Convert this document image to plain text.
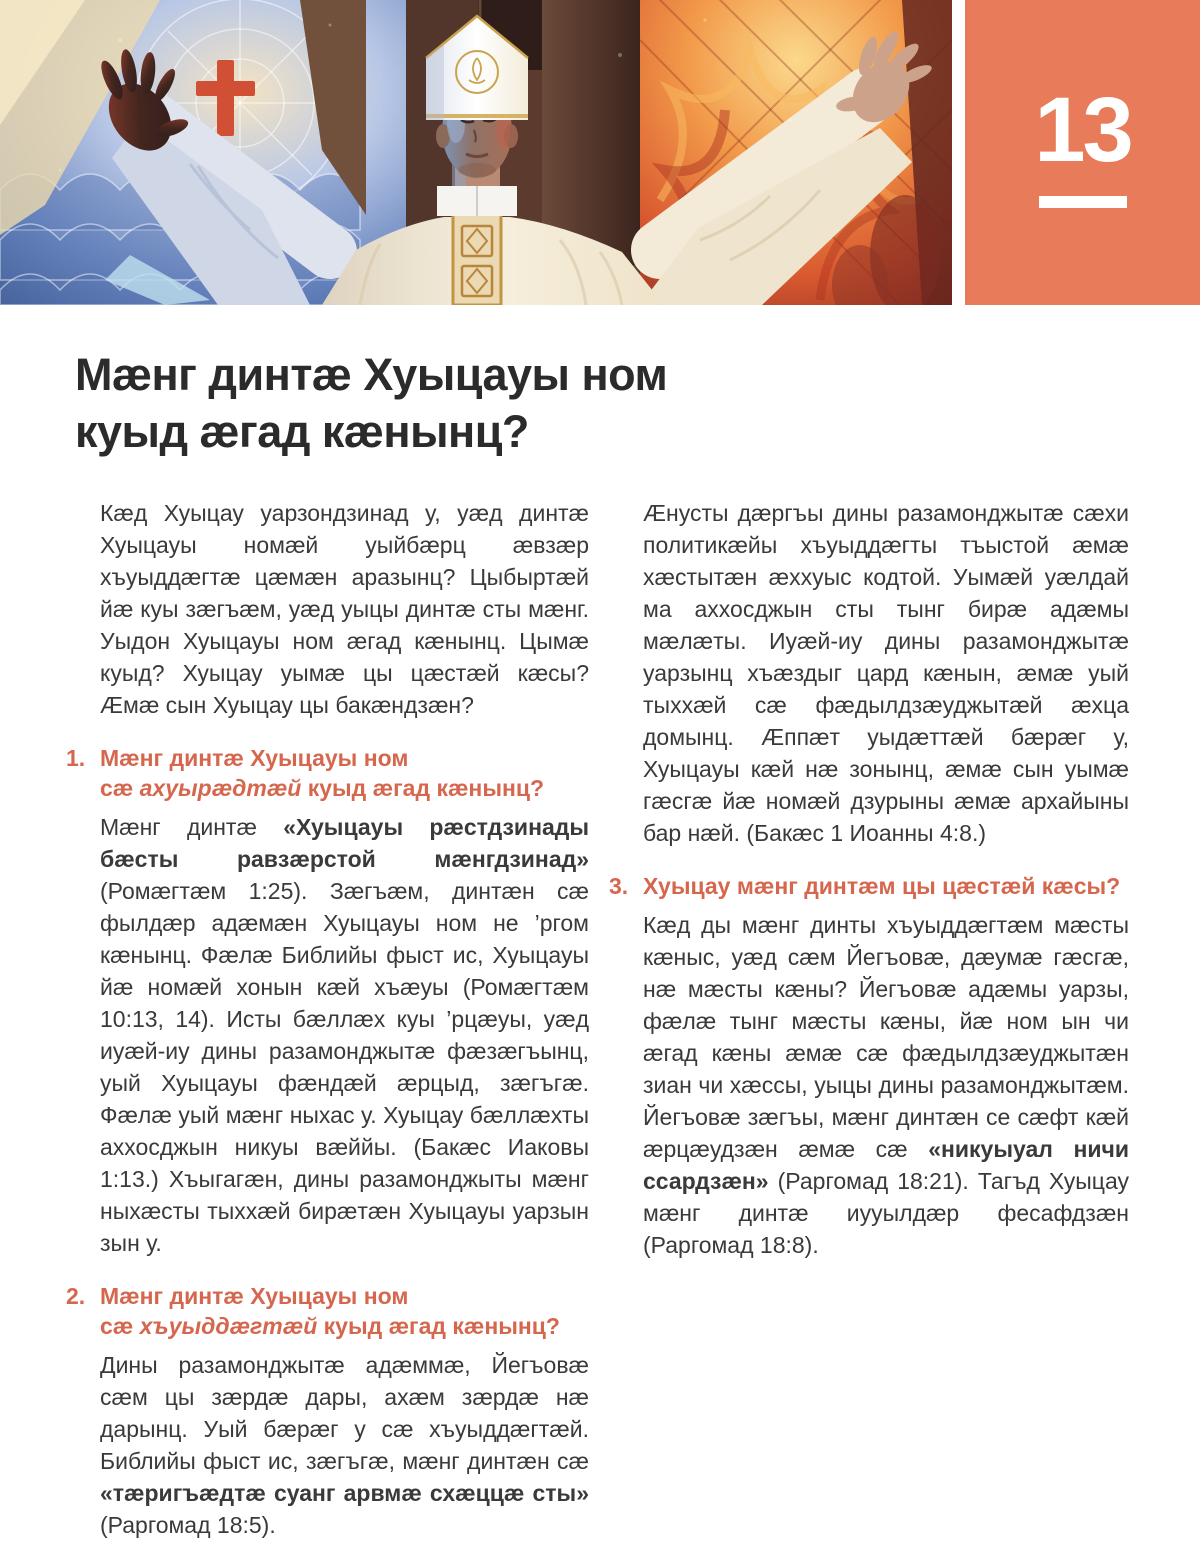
13
Мæнг динтæ Хуыцауы ном
куыд æгад кæнынц?

Кæд Хуыцау уарзондзинад у, уæд динтæ Хуыцауы номæй уыйбæрц æвзæр хъуыддæгтæ цæмæн аразынц? Цыбыртæй йæ куы зæгъæм, уæд уыцы динтæ сты мæнг. Уыдон Хуыцауы ном æгад кæнынц. Цымæ куыд? Хуыцау уымæ цы цæстæй кæсы? Æмæ сын Хуыцау цы бакæндзæн?

1. Мæнг динтæ Хуыцауы ном
сæ ахуырæдтæй куыд æгад кæнынц?

Мæнг динтæ «Хуыцауы рæстдзинады бæсты равзæрстой мæнгдзинад» (Ромæгтæм 1:25). Зæгъæм, динтæн сæ фылдæр адæмæн Хуыцауы ном не ’ргом кæнынц. Фæлæ Библийы фыст ис, Хуыцауы йæ номæй хонын кæй хъæуы (Ромæгтæм 10:13, 14). Исты бæллæх куы ’рцæуы, уæд иуæй-иу дины разамонджытæ фæзæгъынц, уый Хуыцауы фæндæй æрцыд, зæгъгæ. Фæлæ уый мæнг ныхас у. Хуыцау бæллæхты аххосджын никуы вæййы. (Бакæс Иаковы 1:13.) Хъыгагæн, дины разамонджыты мæнг ныхæсты тыххæй бирæтæн Хуыцауы уарзын зын у.

2. Мæнг динтæ Хуыцауы ном
сæ хъуыддæгтæй куыд æгад кæнынц?

Дины разамонджытæ адæммæ, Йегъовæ сæм цы зæрдæ дары, ахæм зæрдæ нæ дарынц. Уый бæрæг у сæ хъуыддæгтæй. Библийы фыст ис, зæгъгæ, мæнг динтæн сæ «тæригъæдтæ суанг арвмæ схæццæ сты» (Раргомад 18:5).

Æнусты дæргъы дины разамонджытæ сæхи политикæйы хъуыддæгты тъыстой æмæ хæстытæн æххуыс кодтой. Уымæй уæлдай ма аххосджын сты тынг бирæ адæмы мæлæты. Иуæй-иу дины разамонджытæ уарзынц хъæздыг цард кæнын, æмæ уый тыххæй сæ фæдылдзæуджытæй æхца домынц. Æппæт уыдæттæй бæрæг у, Хуыцауы кæй нæ зонынц, æмæ сын уымæ гæсгæ йæ номæй дзурыны æмæ архайыны бар нæй. (Бакæс 1 Иоанны 4:8.)

3. Хуыцау мæнг динтæм цы цæстæй кæсы?

Кæд ды мæнг динты хъуыддæгтæм мæсты кæныс, уæд сæм Йегъовæ, дæумæ гæсгæ, нæ мæсты кæны? Йегъовæ адæмы уарзы, фæлæ тынг мæсты кæны, йæ ном ын чи æгад кæны æмæ сæ фæдылдзæуджытæн зиан чи хæссы, уыцы дины разамонджытæм. Йегъовæ зæгъы, мæнг динтæн се сæфт кæй æрцæудзæн æмæ сæ «никуыуал ничи ссардзæн» (Раргомад 18:21). Тагъд Хуыцау мæнг динтæ иууылдæр фесафдзæн (Раргомад 18:8).
